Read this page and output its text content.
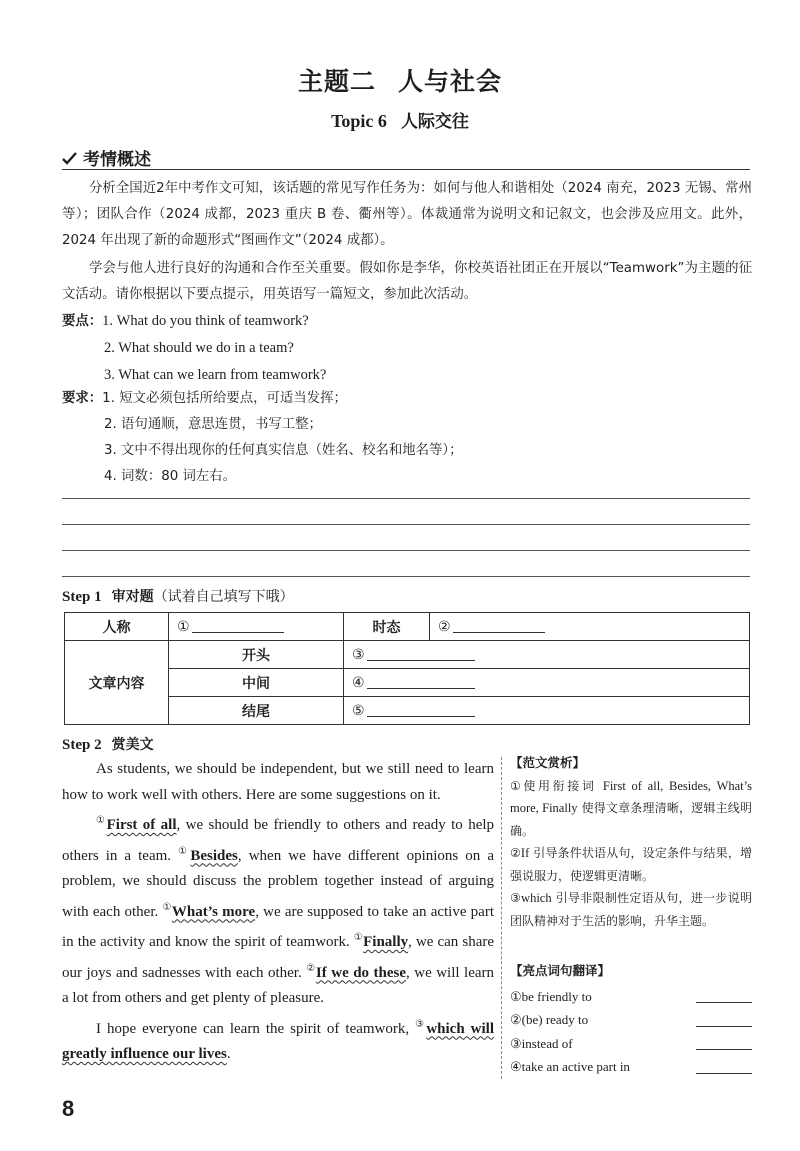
主题二 人与社会
Topic 6 人际交往
考情概述

分析全国近2年中考作文可知，该话题的常见写作任务为：如何与他人和谐相处（2024 南充，2023 无锡、常州等）；团队合作（2024 成都，2023 重庆 B 卷、衢州等）。体裁通常为说明文和记叙文，也会涉及应用文。此外，2024 年出现了新的命题形式“图画作文”（2024 成都）。

学会与他人进行良好的沟通和合作至关重要。假如你是李华，你校英语社团正在开展以“Teamwork”为主题的征文活动。请你根据以下要点提示，用英语写一篇短文，参加此次活动。

要点：1. What do you think of teamwork?
2. What should we do in a team?
3. What can we learn from teamwork?
要求：1. 短文必须包括所给要点，可适当发挥；
2. 语句通顺，意思连贯，书写工整；
3. 文中不得出现你的任何真实信息（姓名、校名和地名等）；
4. 词数：80 词左右。
Step 1 审对题（试着自己填写下哦）
人称	①	时态	②
文章内容	开头	③	
	中间	④	
	结尾	⑤	
Step 2 赏美文

As students, we should be independent, but we still need to learn how to work well with others. Here are some suggestions on it.

①First of all, we should be friendly to others and ready to help others in a team. ①Besides, when we have different opinions on a problem, we should discuss the problem together instead of arguing with each other. ①What’s more, we are supposed to take an active part in the activity and know the spirit of teamwork. ①Finally, we can share our joys and sadnesses with each other. ②If we do these, we will learn a lot from others and get plenty of pleasure.

I hope everyone can learn the spirit of teamwork, ③which will greatly influence our lives.

【范文赏析】
①使用衔接词 First of all, Besides, What’s more, Finally 使得文章条理清晰，逻辑主线明确。
②If 引导条件状语从句，设定条件与结果，增强说服力，使逻辑更清晰。
③which 引导非限制性定语从句，进一步说明团队精神对于生活的影响，升华主题。
【亮点词句翻译】
①be friendly to
②(be) ready to
③instead of
④take an active part in
8
